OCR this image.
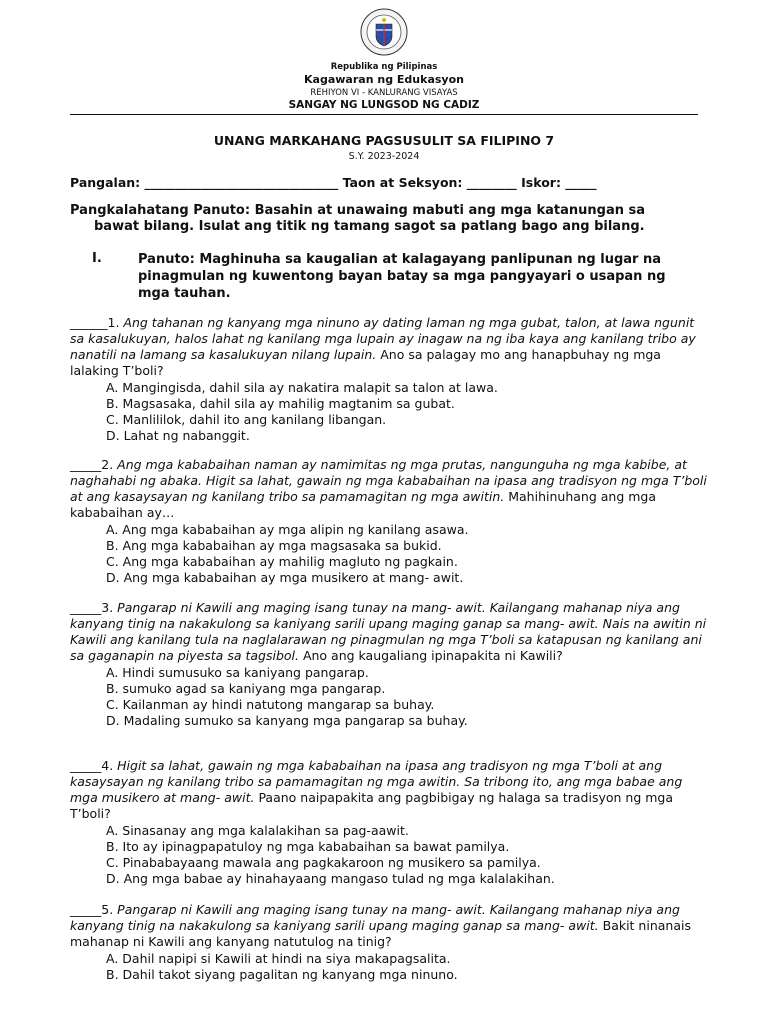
Republika ng Pilipinas
Kagawaran ng Edukasyon
REHIYON VI - KANLURANG VISAYAS
SANGAY NG LUNGSOD NG CADIZ
UNANG MARKAHANG PAGSUSULIT SA FILIPINO 7
S.Y. 2023-2024
Pangalan: _______________________________ Taon at Seksyon: ________ Iskor: _____
Pangkalahatang Panuto: Basahin at unawaing mabuti ang mga katanungan sa
bawat bilang. Isulat ang titik ng tamang sagot sa patlang bago ang bilang.
I.	Panuto: Maghinuha sa kaugalian at kalagayang panlipunan ng lugar na pinagmulan ng kuwentong bayan batay sa mga pangyayari o usapan ng mga tauhan.
______1. Ang tahanan ng kanyang mga ninuno ay dating laman ng mga gubat, talon, at lawa ngunit sa kasalukuyan, halos lahat ng kanilang mga lupain ay inagaw na ng iba kaya ang kanilang tribo ay nanatili na lamang sa kasalukuyan nilang lupain. Ano sa palagay mo ang hanapbuhay ng mga lalaking T’boli?
A. Mangingisda, dahil sila ay nakatira malapit sa talon at lawa.
B. Magsasaka, dahil sila ay mahilig magtanim sa gubat.
C. Manlililok, dahil ito ang kanilang libangan.
D. Lahat ng nabanggit.
_____2. Ang mga kababaihan naman ay namimitas ng mga prutas, nangunguha ng mga kabibe, at naghahabi ng abaka. Higit sa lahat, gawain ng mga kababaihan na ipasa ang tradisyon ng mga T’boli at ang kasaysayan ng kanilang tribo sa pamamagitan ng mga awitin. Mahihinuhang ang mga kababaihan ay…
A. Ang mga kababaihan ay mga alipin ng kanilang asawa.
B. Ang mga kababaihan ay mga magsasaka sa bukid.
C. Ang mga kababaihan ay mahilig magluto ng pagkain.
D. Ang mga kababaihan ay mga musikero at mang- awit.
_____3. Pangarap ni Kawili ang maging isang tunay na mang- awit. Kailangang mahanap niya ang kanyang tinig na nakakulong sa kaniyang sarili upang maging ganap sa mang- awit. Nais na awitin ni Kawili ang kanilang tula na naglalarawan ng pinagmulan ng mga T’boli sa katapusan ng kanilang ani sa gaganapin na piyesta sa tagsibol. Ano ang kaugaliang ipinapakita ni Kawili?
A. Hindi sumusuko sa kaniyang pangarap.
B. sumuko agad sa kaniyang mga pangarap.
C. Kailanman ay hindi natutong mangarap sa buhay.
D. Madaling sumuko sa kanyang mga pangarap sa buhay.
_____4. Higit sa lahat, gawain ng mga kababaihan na ipasa ang tradisyon ng mga T’boli at ang kasaysayan ng kanilang tribo sa pamamagitan ng mga awitin. Sa tribong ito, ang mga babae ang mga musikero at mang- awit. Paano naipapakita ang pagbibigay ng halaga sa tradisyon ng mga T’boli?
A. Sinasanay ang mga kalalakihan sa pag-aawit.
B. Ito ay ipinagpapatuloy ng mga kababaihan sa bawat pamilya.
C. Pinababayaang mawala ang pagkakaroon ng musikero sa pamilya.
D. Ang mga babae ay hinahayaang mangaso tulad ng mga kalalakihan.
_____5. Pangarap ni Kawili ang maging isang tunay na mang- awit. Kailangang mahanap niya ang kanyang tinig na nakakulong sa kaniyang sarili upang maging ganap sa mang- awit. Bakit ninanais mahanap ni Kawili ang kanyang natutulog na tinig?
A. Dahil napipi si Kawili at hindi na siya makapagsalita.
B. Dahil takot siyang pagalitan ng kanyang mga ninuno.
